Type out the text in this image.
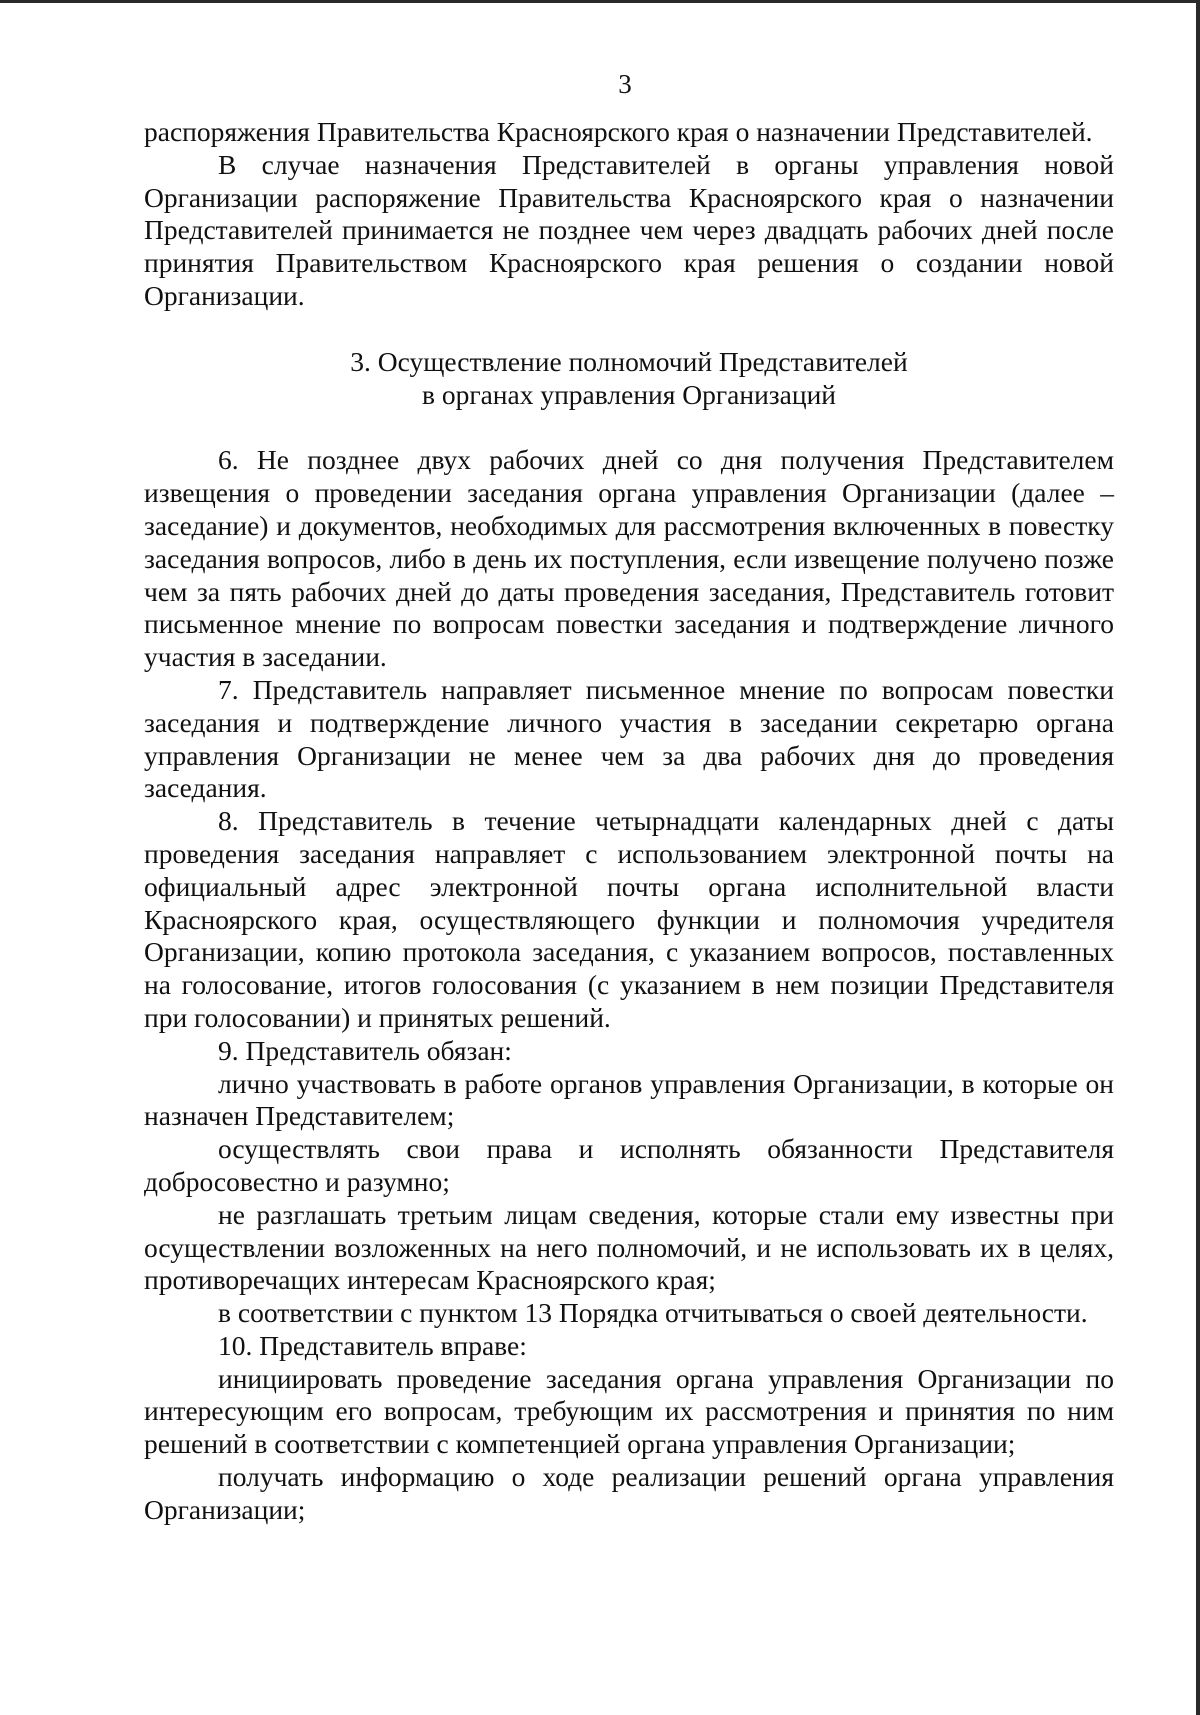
3

распоряжения Правительства Красноярского края о назначении Представителей.

В случае назначения Представителей в органы управления новой Организации распоряжение Правительства Красноярского края о назначении Представителей принимается не позднее чем через двадцать рабочих дней после принятия Правительством Красноярского края решения о создании новой Организации.

3. Осуществление полномочий Представителей
в органах управления Организаций

6. Не позднее двух рабочих дней со дня получения Представителем извещения о проведении заседания органа управления Организации (далее – заседание) и документов, необходимых для рассмотрения включенных в повестку заседания вопросов, либо в день их поступления, если извещение получено позже чем за пять рабочих дней до даты проведения заседания, Представитель готовит письменное мнение по вопросам повестки заседания и подтверждение личного участия в заседании.

7. Представитель направляет письменное мнение по вопросам повестки заседания и подтверждение личного участия в заседании секретарю органа управления Организации не менее чем за два рабочих дня до проведения заседания.

8. Представитель в течение четырнадцати календарных дней с даты проведения заседания направляет с использованием электронной почты на официальный адрес электронной почты органа исполнительной власти Красноярского края, осуществляющего функции и полномочия учредителя Организации, копию протокола заседания, с указанием вопросов, поставленных на голосование, итогов голосования (с указанием в нем позиции Представителя при голосовании) и принятых решений.

9. Представитель обязан:

лично участвовать в работе органов управления Организации, в которые он назначен Представителем;

осуществлять свои права и исполнять обязанности Представителя добросовестно и разумно;

не разглашать третьим лицам сведения, которые стали ему известны при осуществлении возложенных на него полномочий, и не использовать их в целях, противоречащих интересам Красноярского края;

в соответствии с пунктом 13 Порядка отчитываться о своей деятельности.

10. Представитель вправе:

инициировать проведение заседания органа управления Организации по интересующим его вопросам, требующим их рассмотрения и принятия по ним решений в соответствии с компетенцией органа управления Организации;

получать информацию о ходе реализации решений органа управления Организации;
